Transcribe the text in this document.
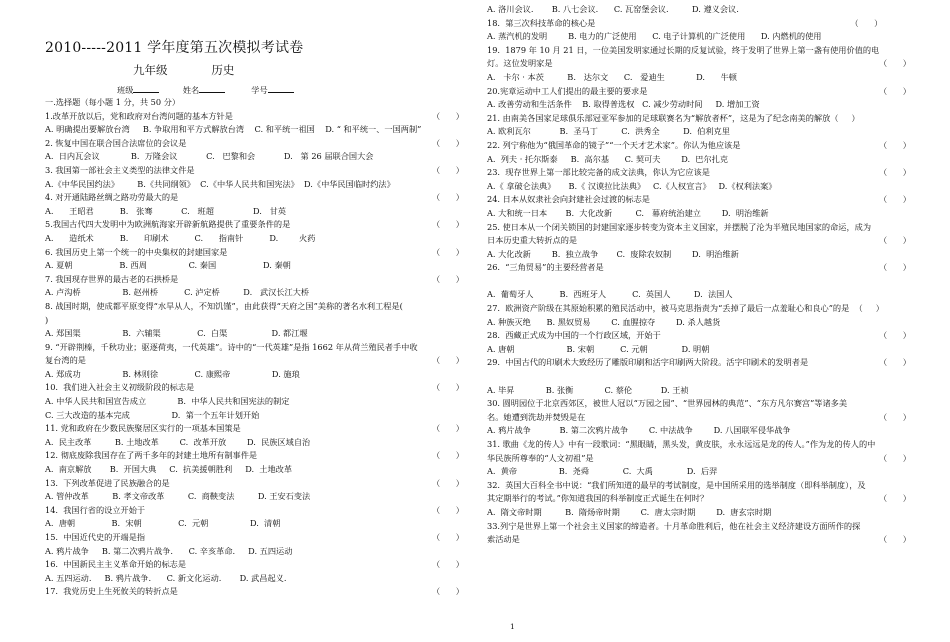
2010-----2011 学年度第五次模拟考试卷
九年级            历史
班级	姓名	学号
一.选择题（每小题 1 分，共 50 分）
1.改革开放以后，党和政府对台湾问题的基本方针是	（      ）
A. 明确提出要解放台湾     B. 争取用和平方式解放台湾    C. 和平统一祖国    D. “ 和平统一、一国两制”
2. 恢复中国在联合国合法席位的会议是	（      ）
A.  日内瓦会议            B.  万隆会议           C.   巴黎和会           D.   第 26 届联合国大会
3. 我国第一部社会主义类型的法律文件是	（      ）
A.《中华民国约法》       B.《共同纲领》  C.《中华人民共和国宪法》  D.《中华民国临时约法》
4. 对开通陆路丝绸之路功劳最大的是	（      ）
A.      王昭君          B.   张骞           C.   班超               D.   甘英
5.我国古代四大发明中为欧洲航海家开辟新航路提供了重要条件的是	（      ）
A.      造纸术          B.      印刷术          C.      指南针          D.        火药
6. 我国历史上第一个统一的中央集权的封建国家是	（      ）
A. 夏朝                  B. 西周                C. 秦国                  D. 秦朝
7. 我国现存世界的最古老的石拱桥是	（      ）
A. 卢沟桥                B. 赵州桥          C. 泸定桥         D.   武汉长江大桥
8. 战国时期，使成都平原变得“水旱从人，不知饥馑”，由此获得“天府之国”美称的著名水利工程是(
)
A. 郑国渠                B.  六辅渠              C.  白渠                 D. 都江堰
9. “开辟荆榛，千秋功业；驱逐荷夷，一代英雄”。诗中的“一代英雄”是指 1662 年从荷兰殖民者手中收
复台湾的是	（      ）
A. 郑成功                B. 林则徐              C. 康熙帝                D. 施琅
10.  我们进入社会主义初级阶段的标志是	（      ）
A. 中华人民共和国宣告成立            B.  中华人民共和国宪法的制定
C. 三大改造的基本完成                D.  第一个五年计划开始
11. 党和政府在少数民族聚居区实行的一项基本国策是	（      ）
A.  民主改革         B. 土地改革        C.  改革开放        D.  民族区域自治
12. 彻底废除我国存在了两千多年的封建土地所有制事件是	（      ）
A.  南京解放       B.  开国大典     C.  抗美援朝胜利     D.  土地改革
13.  下列改革促进了民族融合的是	（      ）
A. 管仲改革         B. 孝文帝改革         C.  商鞅变法         D. 王安石变法
14.  我国行省的设立开始于	（      ）
A.  唐朝              B.  宋朝              C.  元朝                D.  清朝
15.  中国近代史的开端是指	（      ）
A. 鸦片战争     B. 第二次鸦片战争.      C. 辛亥革命.     D. 五四运动
16.  中国新民主主义革命开始的标志是	（      ）
A. 五四运动.     B. 鸦片战争.      C. 新文化运动.       D. 武昌起义.
17.  我党历史上生死攸关的转折点是	（      ）
A. 洛川会议.       B. 八七会议.      C. 瓦窑堡会议.         D. 遵义会议.
18.  第三次科技革命的核心是	（      ）
A. 蒸汽机的发明        B. 电力的广泛使用      C. 电子计算机的广泛使用      D. 内燃机的使用
19.  1879 年 10 月 21 日，一位美国发明家通过长期的反复试验，终于发明了世界上第一盏有使用价值的电
灯。这位发明家是	（      ）
A.   卡尔 · 本茨         B.   达尔文      C.   爱迪生            D.      牛顿
20.宪章运动中工人们提出的最主要的要求是	（      ）
A. 改善劳动和生活条件    B. 取得普选权   C. 减少劳动时间     D. 增加工资
21. 由南美各国家足球俱乐部冠亚军参加的足球联赛名为“解放者杯”，这是为了纪念南美的解放（     ）
A. 欧利瓦尔           B.  圣马丁         C.  洪秀全         D.  伯利克里
22. 列宁称他为“俄国革命的镜子”“一个天才艺术家”。你认为他应该是	（      ）
A.  列夫 · 托尔斯泰     B.  高尔基      C. 契可夫        D.  巴尔扎克
23.  现存世界上第一部比较完备的成文法典，你认为它应该是	（      ）
A.《 拿破仑法典》     B.《 汉谟拉比法典》   C.《人权宣言》   D.《权利法案》
24. 日本从奴隶社会向封建社会过渡的标志是	（      ）
A. 大和统一日本       B.  大化改新         C.   幕府统治建立        D.  明治维新
25. 使日本从一个闭关锁国的封建国家逐步转变为资本主义国家，并摆脱了沦为半殖民地国家的命运，成为
日本历史重大转折点的是	（      ）
A. 大化改新        B.  独立战争       C.  废除农奴制        D.  明治维新
26.  “三角贸易”的主要经营者是	（      ）
A.  葡萄牙人          B.  西班牙人          C.  英国人         D.  法国人
27.  欧洲资产阶级在其原始积累的殖民活动中，被马克思指责为“丢掉了最后一点羞耻心和良心”的是  （     ）
A. 种族灭绝      B. 黑奴贸易        C. 血腥掠夺        D. 杀人越货
28.  西藏正式成为中国的一个行政区域，开始于	（      ）
A. 唐朝                    B. 宋朝          C. 元朝             D. 明朝
29.  中国古代的印刷术大致经历了雕版印刷和活字印刷两大阶段。活字印刷术的发明者是	（      ）
A. 毕昇            B. 张衡            C. 蔡伦           D. 王祯
30. 圆明园位于北京西郊区，被世人冠以“万园之园”、“世界园林的典范”、“东方凡尔赛宫”等诸多美
名。她遭到洗劫并焚毁是在	（      ）
A. 鸦片战争           B. 第二次鸦片战争        C. 中法战争        D. 八国联军侵华战争
31. 歌曲《龙的传人》中有一段歌词：“黑眼睛，黑头发，黄皮肤，永永远远是龙的传人。”作为龙的传人的中
华民族所尊奉的“人文初祖”是	（      ）
A.  黄帝                B.  尧舜             C.  大禹             D.  后羿
32.  英国大百科全书中说：“我们所知道的最早的考试制度，是中国所采用的选举制度（即科举制度），及
其定期举行的考试。”你知道我国的科举制度正式诞生在何时？	（      ）
A.  隋文帝时期         B.  隋炀帝时期        C.  唐太宗时期        D.  唐玄宗时期
33.列宁是世界上第一个社会主义国家的缔造者。十月革命胜利后，他在社会主义经济建设方面所作的探
索活动是	（      ）
1
